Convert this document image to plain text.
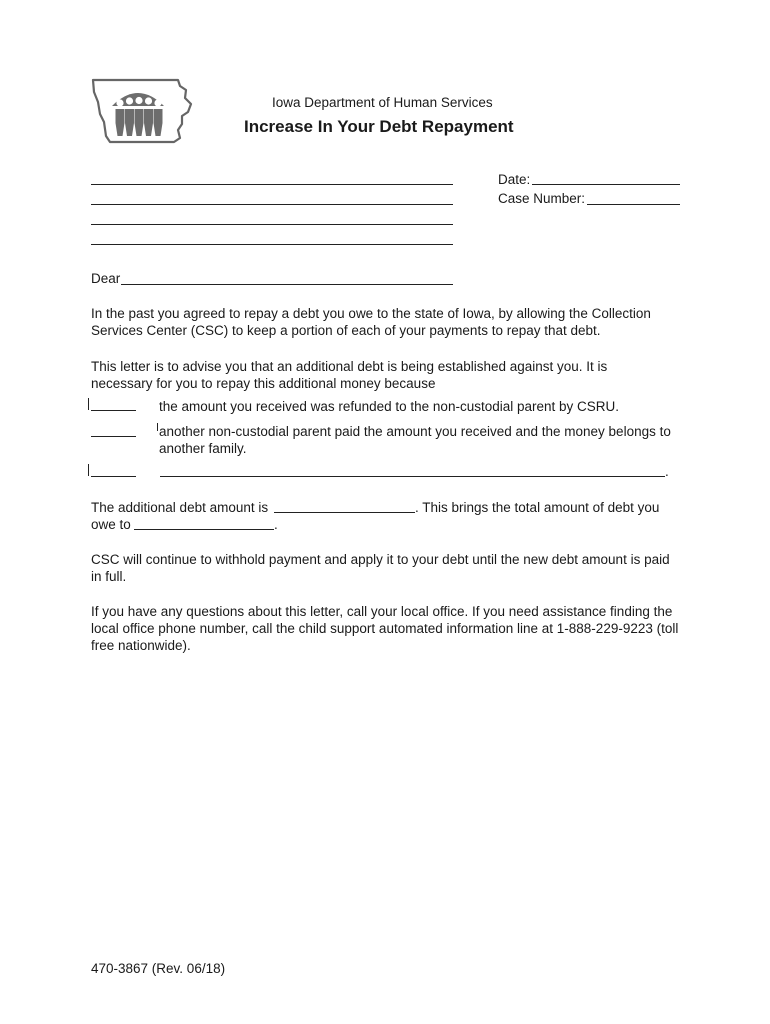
Iowa Department of Human Services
Increase In Your Debt Repayment
Date:
Case Number:
Dear
In the past you agreed to repay a debt you owe to the state of Iowa, by allowing the Collection Services Center (CSC) to keep a portion of each of your payments to repay that debt.
This letter is to advise you that an additional debt is being established against you. It is necessary for you to repay this additional money because
the amount you received was refunded to the non-custodial parent by CSRU.
another non-custodial parent paid the amount you received and the money belongs to another family.
.
The additional debt amount is	. This brings the total amount of debt you
owe to	.
CSC will continue to withhold payment and apply it to your debt until the new debt amount is paid in full.
If you have any questions about this letter, call your local office. If you need assistance finding the local office phone number, call the child support automated information line at 1-888-229-9223 (toll free nationwide).
470-3867 (Rev. 06/18)
